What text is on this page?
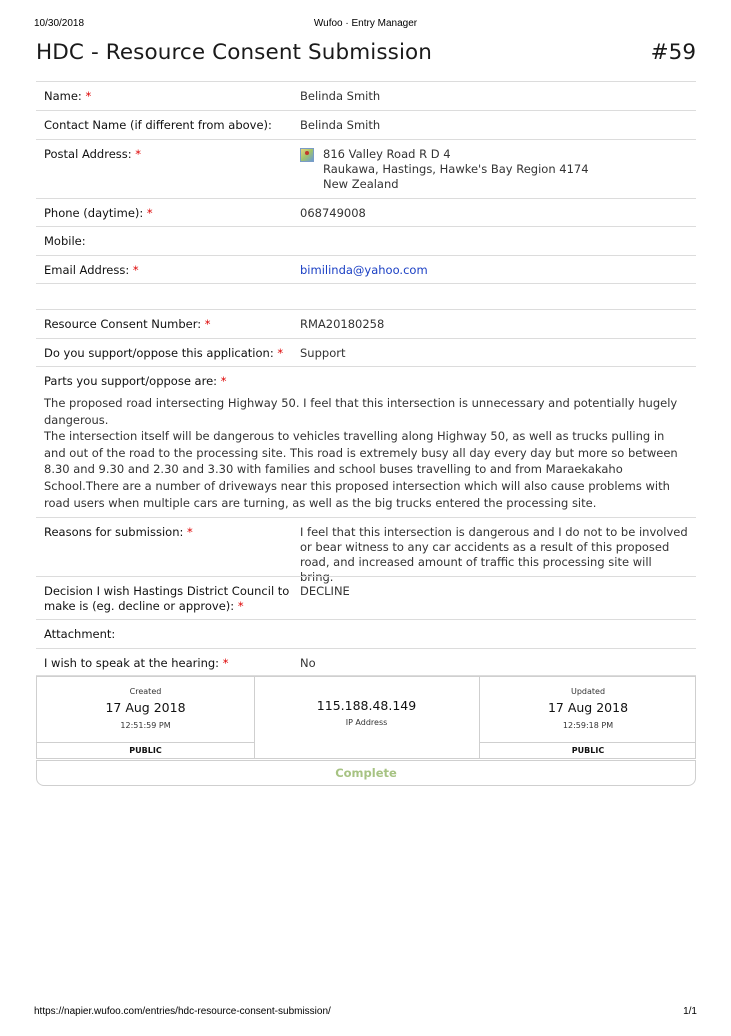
10/30/2018	Wufoo · Entry Manager
HDC - Resource Consent Submission	#59
Name: *	Belinda Smith
Contact Name (if different from above):	Belinda Smith
Postal Address: *	816 Valley Road R D 4
Raukawa, Hastings, Hawke's Bay Region 4174
New Zealand
Phone (daytime): *	068749008
Mobile:
Email Address: *	bimilinda@yahoo.com
Resource Consent Number: *	RMA20180258
Do you support/oppose this application: *	Support
Parts you support/oppose are: *

The proposed road intersecting Highway 50. I feel that this intersection is unnecessary and potentially hugely dangerous.

The intersection itself will be dangerous to vehicles travelling along Highway 50, as well as trucks pulling in and out of the road to the processing site. This road is extremely busy all day every day but more so between 8.30 and 9.30 and 2.30 and 3.30 with families and school buses travelling to and from Maraekakaho School.There are a number of driveways near this proposed intersection which will also cause problems with road users when multiple cars are turning, as well as the big trucks entered the processing site.

Reasons for submission: *	I feel that this intersection is dangerous and I do not to be involved or bear witness to any car accidents as a result of this proposed road, and increased amount of traffic this processing site will bring.
Decision I wish Hastings District Council to make is (eg. decline or approve): *
DECLINE
Attachment:
I wish to speak at the hearing: *	No
Created
17 Aug 2018
12:51:59 PM
PUBLIC
115.188.48.149
IP Address
Updated
17 Aug 2018
12:59:18 PM
PUBLIC
Complete
https://napier.wufoo.com/entries/hdc-resource-consent-submission/	1/1
